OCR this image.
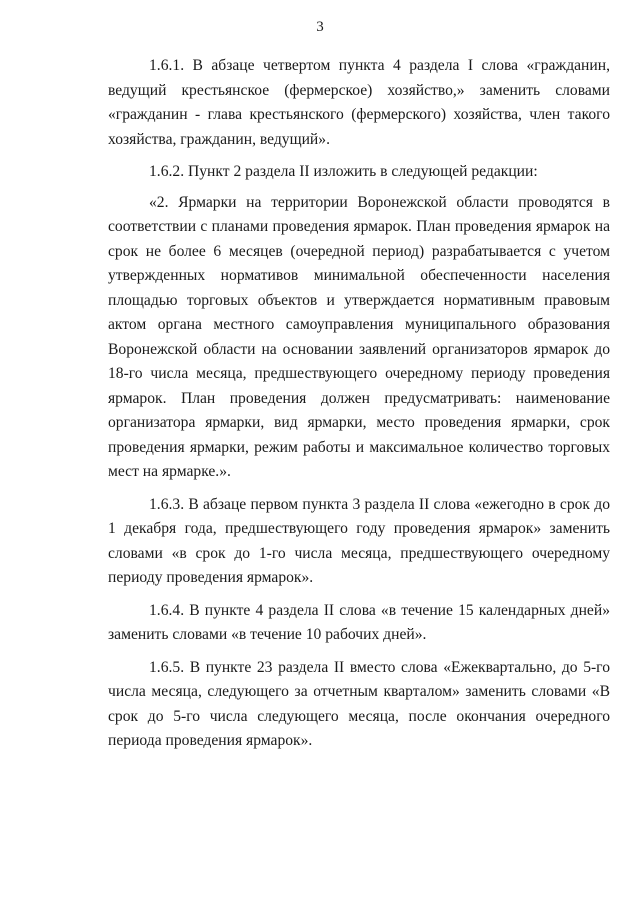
3

1.6.1. В абзаце четвертом пункта 4 раздела I слова «гражданин, ведущий крестьянское (фермерское) хозяйство,» заменить словами «гражданин - глава крестьянского (фермерского) хозяйства, член такого хозяйства, гражданин, ведущий».

1.6.2. Пункт 2 раздела II изложить в следующей редакции:

«2. Ярмарки на территории Воронежской области проводятся в соответствии с планами проведения ярмарок. План проведения ярмарок на срок не более 6 месяцев (очередной период) разрабатывается с учетом утвержденных нормативов минимальной обеспеченности населения площадью торговых объектов и утверждается нормативным правовым актом органа местного самоуправления муниципального образования Воронежской области на основании заявлений организаторов ярмарок до 18-го числа месяца, предшествующего очередному периоду проведения ярмарок. План проведения должен предусматривать: наименование организатора ярмарки, вид ярмарки, место проведения ярмарки, срок проведения ярмарки, режим работы и максимальное количество торговых мест на ярмарке.».

1.6.3. В абзаце первом пункта 3 раздела II слова «ежегодно в срок до 1 декабря года, предшествующего году проведения ярмарок» заменить словами «в срок до 1-го числа месяца, предшествующего очередному периоду проведения ярмарок».

1.6.4. В пункте 4 раздела II слова «в течение 15 календарных дней» заменить словами «в течение 10 рабочих дней».

1.6.5. В пункте 23 раздела II вместо слова «Ежеквартально, до 5-го числа месяца, следующего за отчетным кварталом» заменить словами «В срок до 5-го числа следующего месяца, после окончания очередного периода проведения ярмарок».
